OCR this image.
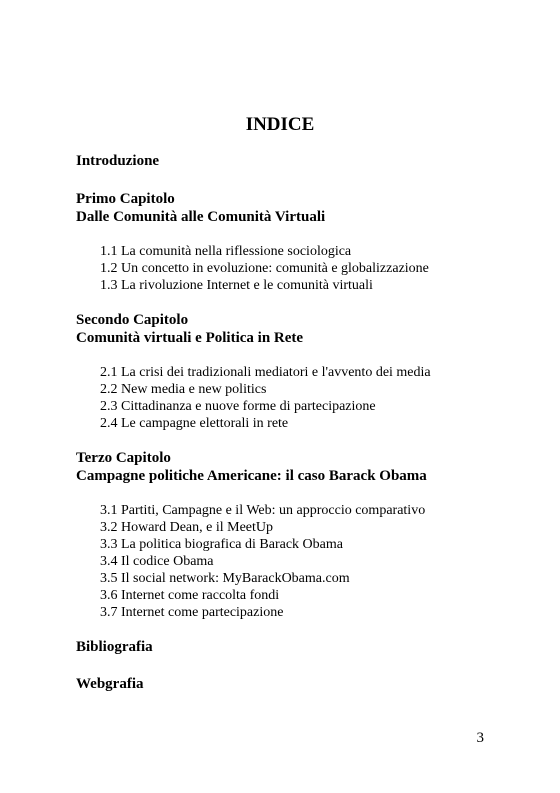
INDICE
Introduzione
Primo Capitolo
Dalle Comunità alle Comunità Virtuali
1.1 La comunità nella riflessione sociologica
1.2 Un concetto in evoluzione: comunità e globalizzazione
1.3 La rivoluzione Internet e le comunità virtuali
Secondo Capitolo
Comunità virtuali e Politica in Rete
2.1 La crisi dei tradizionali mediatori e l'avvento dei media
2.2 New media e new politics
2.3 Cittadinanza e nuove forme di partecipazione
2.4 Le campagne elettorali in rete
Terzo Capitolo
Campagne politiche Americane: il caso Barack Obama
3.1 Partiti, Campagne e il Web: un approccio comparativo
3.2 Howard Dean, e il MeetUp
3.3 La politica biografica di Barack Obama
3.4 Il codice Obama
3.5 Il social network: MyBarackObama.com
3.6 Internet come raccolta fondi
3.7 Internet come partecipazione
Bibliografia
Webgrafia
3
